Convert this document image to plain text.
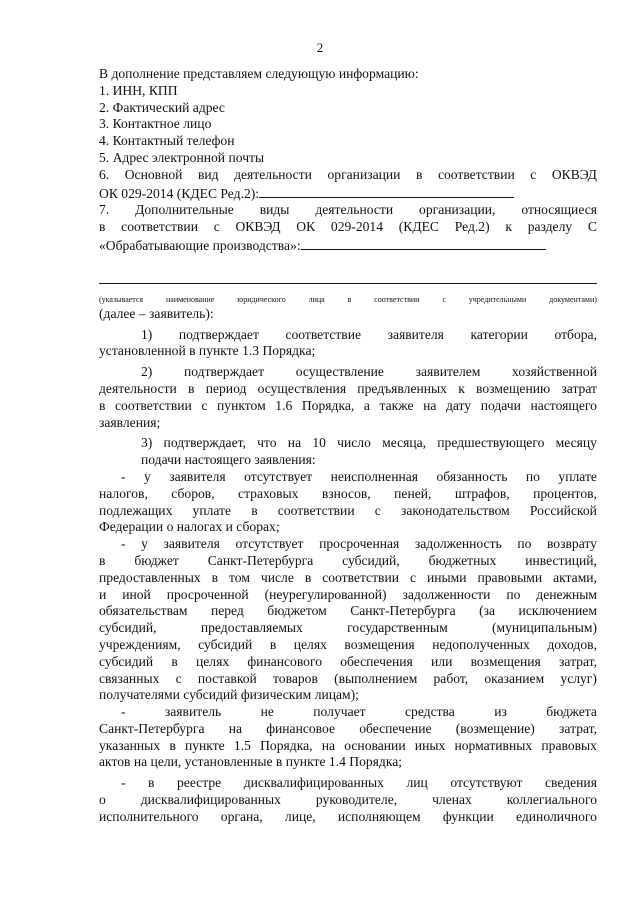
2
В дополнение представляем следующую информацию:
1. ИНН, КПП
2. Фактический адрес
3. Контактное лицо
4. Контактный телефон
5. Адрес электронной почты
6. Основной вид деятельности организации в соответствии с ОКВЭД
ОК 029-2014 (КДЕС Ред.2):
7. Дополнительные виды деятельности организации, относящиеся
в соответствии с ОКВЭД ОК 029-2014 (КДЕС Ред.2) к разделу С
«Обрабатывающие производства»:
(указывается	наименование	юридического	лица	в	соответствии	с	учредительными	документами)
(далее – заявитель):
1) подтверждает соответствие заявителя категории отбора,
установленной в пункте 1.3 Порядка;
2) подтверждает осуществление заявителем хозяйственной
деятельности в период осуществления предъявленных к возмещению затрат
в соответствии с пунктом 1.6 Порядка, а также на дату подачи настоящего
заявления;
3) подтверждает, что на 10 число месяца, предшествующего месяцу
подачи настоящего заявления:
- у заявителя отсутствует неисполненная обязанность по уплате
налогов, сборов, страховых взносов, пеней, штрафов, процентов,
подлежащих уплате в соответствии с законодательством Российской
Федерации о налогах и сборах;
- у заявителя отсутствует просроченная задолженность по возврату
в бюджет Санкт-Петербурга субсидий, бюджетных инвестиций,
предоставленных в том числе в соответствии с иными правовыми актами,
и иной просроченной (неурегулированной) задолженности по денежным
обязательствам перед бюджетом Санкт-Петербурга (за исключением
субсидий,	предоставляемых	государственным	(муниципальным)
учреждениям, субсидий в целях возмещения недополученных доходов,
субсидий в целях финансового обеспечения или возмещения затрат,
связанных с поставкой товаров (выполнением работ, оказанием услуг)
получателями субсидий физическим лицам);
-	заявитель	не	получает	средства	из	бюджета
Санкт-Петербурга на финансовое обеспечение (возмещение) затрат,
указанных в пункте 1.5 Порядка, на основании иных нормативных правовых
актов на цели, установленные в пункте 1.4 Порядка;
- в реестре дисквалифицированных лиц отсутствуют сведения
о	дисквалифицированных	руководителе,	членах	коллегиального
исполнительного органа, лице, исполняющем функции единоличного
